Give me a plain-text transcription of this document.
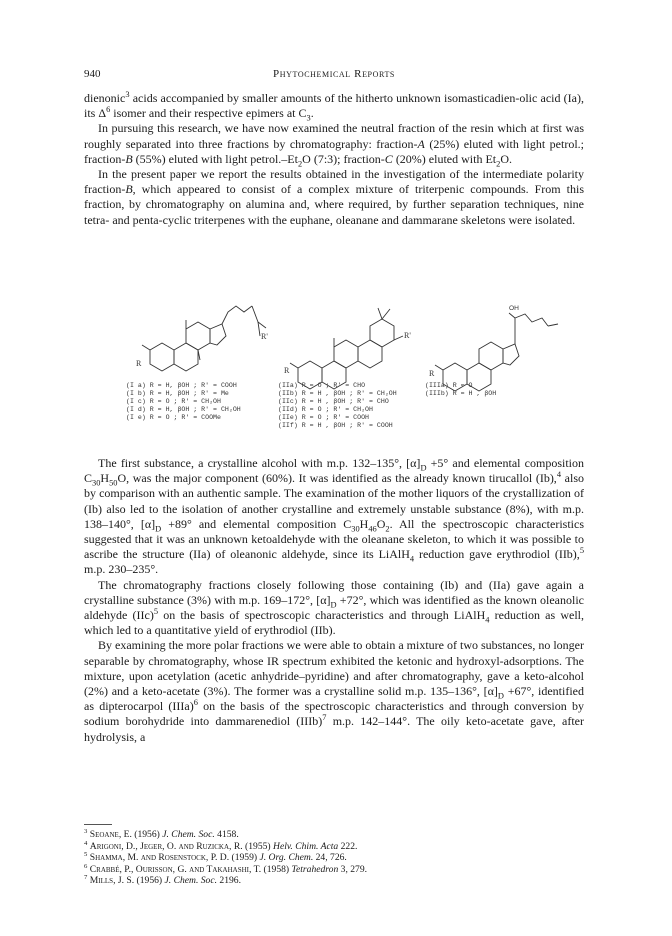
940	Phytochemical Reports

dienonic$^3$ acids accompanied by smaller amounts of the hitherto unknown isomasticadien-olic acid (Ia), its $\Delta^6$ isomer and their respective epimers at $C_3$.

In pursuing this research, we have now examined the neutral fraction of the resin which at first was roughly separated into three fractions by chromatography: fraction-A (25%) eluted with light petrol.; fraction-B (55%) eluted with light $petrol.-Et_2O$ (7:3); fraction-C (20%) eluted with $Et_2O$.

In the present paper we report the results obtained in the investigation of the intermediate polarity fraction-B, which appeared to consist of a complex mixture of triterpenic compounds. From this fraction, by chromatography on alumina and, where required, by further separation techniques, nine tetra- and penta-cyclic triterpenes with the euphane, oleanane and dammarane skeletons were isolated.

R'
R
R'
R
OH
R
(I a) R = H, βOH ; R' = COOH
(I b) R = H, βOH ; R' = Me
(I c) R = O ; R' = CH₂OH
(I d) R = H, βOH ; R' = CH₂OH
(I e) R = O ; R' = COOMe
(IIa) R = O ; R' = CHO
(IIb) R = H , βOH ; R' = CH₂OH
(IIc) R = H , βOH ; R' = CHO
(IId) R = O ; R' = CH₂OH
(IIe) R = O ; R' = COOH
(IIf) R = H , βOH ; R' = COOH
(IIIa) R = O
(IIIb) R = H , βOH

The first substance, a crystalline alcohol with m.p. 132–135°, $[\alpha]_D +5^\circ$ and elemental composition $C_{30}H_{50}O$, was the major component (60%). It was identified as the already known tirucallol (Ib),$^4$ also by comparison with an authentic sample. The examination of the mother liquors of the crystallization of (Ib) also led to the isolation of another crystalline and extremely unstable substance (8%), with m.p. 138–140°, $[\alpha]_D +89^\circ$ and elemental composition $C_{30}H_{46}O_2$. All the spectroscopic characteristics suggested that it was an unknown ketoaldehyde with the oleanane skeleton, to which it was possible to ascribe the structure (IIa) of oleanonic aldehyde, since its LiAlH$_4$ reduction gave erythrodiol (IIb),$^5$ m.p. 230–235°.

The chromatography fractions closely following those containing (Ib) and (IIa) gave again a crystalline substance (3%) with m.p. 169–172°, $[\alpha]_D +72^\circ$, which was identified as the known oleanolic aldehyde (IIc)$^5$ on the basis of spectroscopic characteristics and through LiAlH$_4$ reduction as well, which led to a quantitative yield of erythrodiol (IIb).

By examining the more polar fractions we were able to obtain a mixture of two substances, no longer separable by chromatography, whose IR spectrum exhibited the ketonic and hydroxyl-adsorptions. The mixture, upon acetylation (acetic anhydride–pyridine) and after chromatography, gave a keto-alcohol (2%) and a keto-acetate (3%). The former was a crystalline solid m.p. 135–136°, $[\alpha]_D +67^\circ$, identified as dipterocarpol (IIIa)$^6$ on the basis of the spectroscopic characteristics and through conversion by sodium borohydride into dammarenediol (IIIb)$^7$ m.p. 142–144°. The oily keto-acetate gave, after hydrolysis, a

$^3$ Seoane, E. (1956) J. Chem. Soc. 4158.
$^4$ Arigoni, D., Jeger, O. and Ruzicka, R. (1955) Helv. Chim. Acta 222.
$^5$ Shamma, M. and Rosenstock, P. D. (1959) J. Org. Chem. 24, 726.
$^6$ Crabbé, P., Ourisson, G. and Takahashi, T. (1958) Tetrahedron 3, 279.
$^7$ Mills, J. S. (1956) J. Chem. Soc. 2196.
